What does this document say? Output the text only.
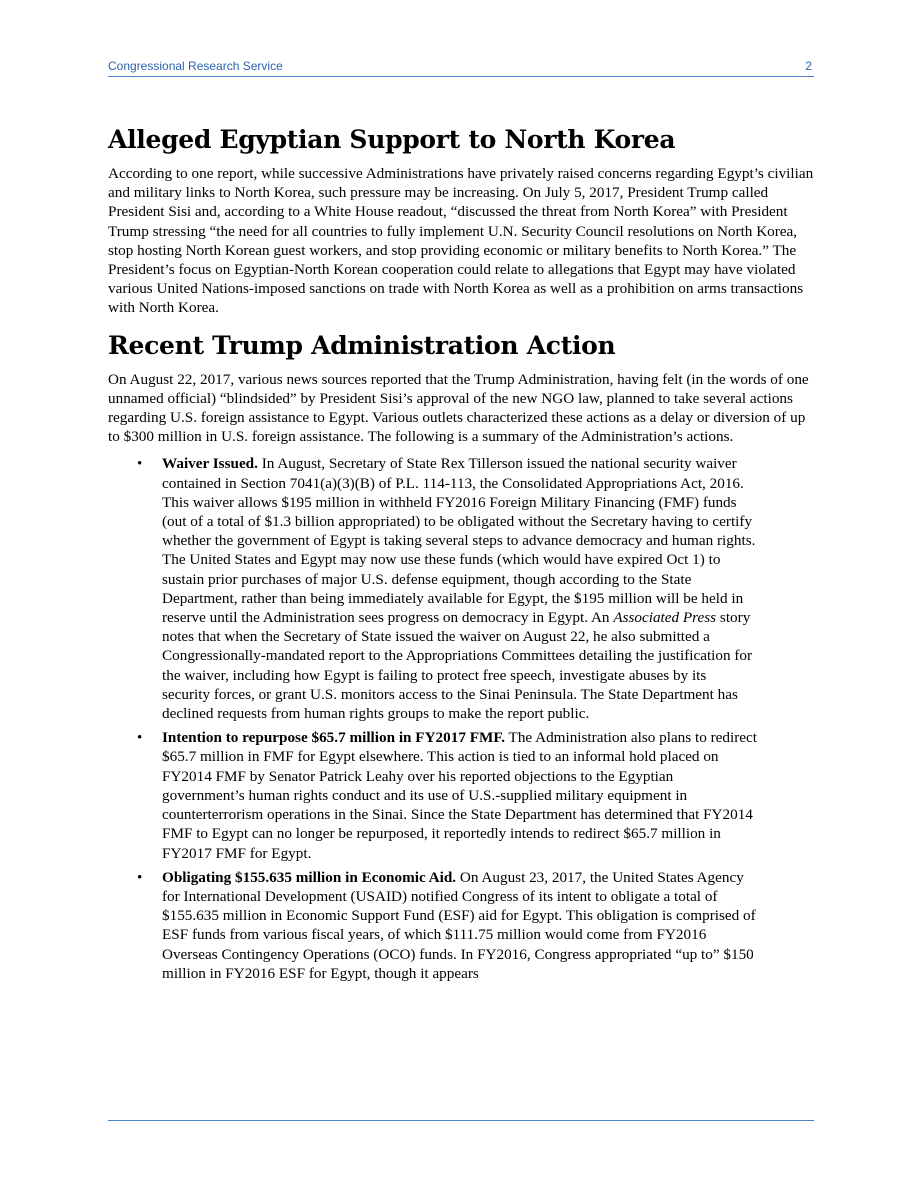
Congressional Research Service	2
Alleged Egyptian Support to North Korea

According to one report, while successive Administrations have privately raised concerns regarding Egypt’s civilian and military links to North Korea, such pressure may be increasing. On July 5, 2017, President Trump called President Sisi and, according to a White House readout, “discussed the threat from North Korea” with President Trump stressing “the need for all countries to fully implement U.N. Security Council resolutions on North Korea, stop hosting North Korean guest workers, and stop providing economic or military benefits to North Korea.” The President’s focus on Egyptian-North Korean cooperation could relate to allegations that Egypt may have violated various United Nations-imposed sanctions on trade with North Korea as well as a prohibition on arms transactions with North Korea.

Recent Trump Administration Action

On August 22, 2017, various news sources reported that the Trump Administration, having felt (in the words of one unnamed official) “blindsided” by President Sisi’s approval of the new NGO law, planned to take several actions regarding U.S. foreign assistance to Egypt. Various outlets characterized these actions as a delay or diversion of up to $300 million in U.S. foreign assistance. The following is a summary of the Administration’s actions.

• Waiver Issued. In August, Secretary of State Rex Tillerson issued the national security waiver contained in Section 7041(a)(3)(B) of P.L. 114-113, the Consolidated Appropriations Act, 2016. This waiver allows $195 million in withheld FY2016 Foreign Military Financing (FMF) funds (out of a total of $1.3 billion appropriated) to be obligated without the Secretary having to certify whether the government of Egypt is taking several steps to advance democracy and human rights. The United States and Egypt may now use these funds (which would have expired Oct 1) to sustain prior purchases of major U.S. defense equipment, though according to the State Department, rather than being immediately available for Egypt, the $195 million will be held in reserve until the Administration sees progress on democracy in Egypt. An Associated Press story notes that when the Secretary of State issued the waiver on August 22, he also submitted a Congressionally-mandated report to the Appropriations Committees detailing the justification for the waiver, including how Egypt is failing to protect free speech, investigate abuses by its security forces, or grant U.S. monitors access to the Sinai Peninsula. The State Department has declined requests from human rights groups to make the report public.
• Intention to repurpose $65.7 million in FY2017 FMF. The Administration also plans to redirect $65.7 million in FMF for Egypt elsewhere. This action is tied to an informal hold placed on FY2014 FMF by Senator Patrick Leahy over his reported objections to the Egyptian government’s human rights conduct and its use of U.S.-supplied military equipment in counterterrorism operations in the Sinai. Since the State Department has determined that FY2014 FMF to Egypt can no longer be repurposed, it reportedly intends to redirect $65.7 million in FY2017 FMF for Egypt.
• Obligating $155.635 million in Economic Aid. On August 23, 2017, the United States Agency for International Development (USAID) notified Congress of its intent to obligate a total of $155.635 million in Economic Support Fund (ESF) aid for Egypt. This obligation is comprised of ESF funds from various fiscal years, of which $111.75 million would come from FY2016 Overseas Contingency Operations (OCO) funds. In FY2016, Congress appropriated “up to” $150 million in FY2016 ESF for Egypt, though it appears
